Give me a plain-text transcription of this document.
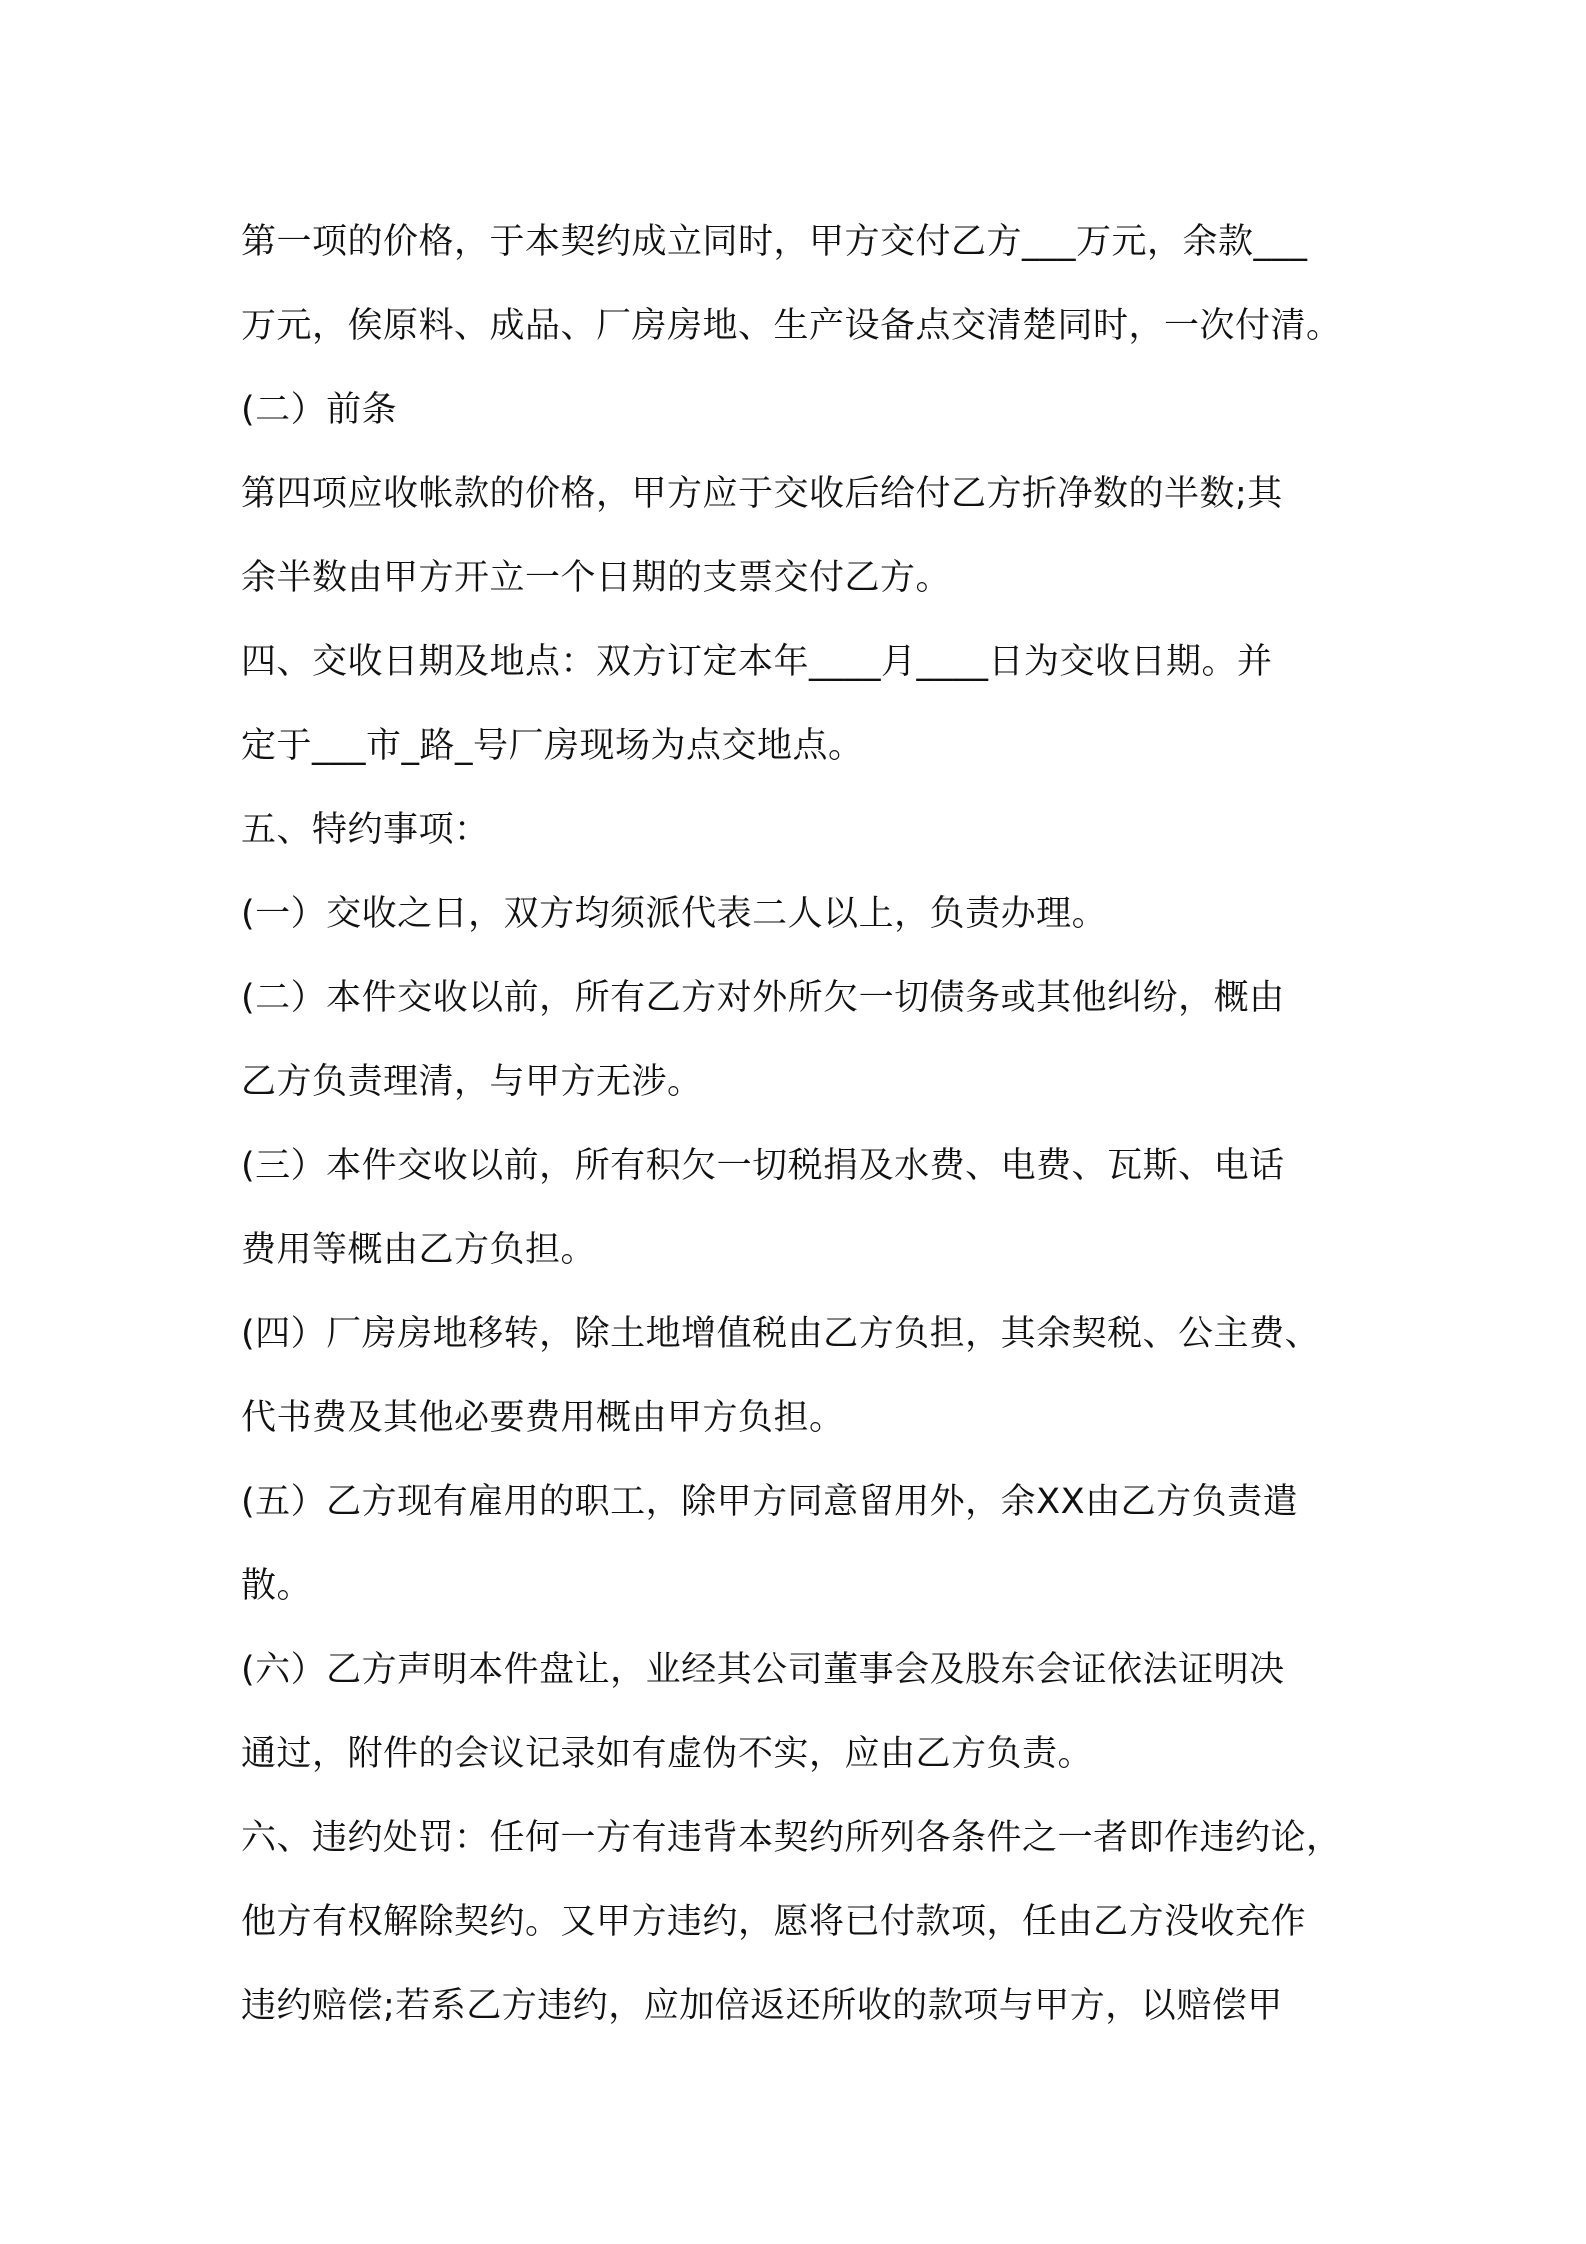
第一项的价格，于本契约成立同时，甲方交付乙方___万元，余款___
万元，俟原料、成品、厂房房地、生产设备点交清楚同时，一次付清。
(二）前条
第四项应收帐款的价格，甲方应于交收后给付乙方折净数的半数;其
余半数由甲方开立一个日期的支票交付乙方。
四、交收日期及地点：双方订定本年____月____日为交收日期。并
定于___市_路_号厂房现场为点交地点。
五、特约事项：
(一）交收之日，双方均须派代表二人以上，负责办理。
(二）本件交收以前，所有乙方对外所欠一切债务或其他纠纷，概由
乙方负责理清，与甲方无涉。
(三）本件交收以前，所有积欠一切税捐及水费、电费、瓦斯、电话
费用等概由乙方负担。
(四）厂房房地移转，除土地增值税由乙方负担，其余契税、公主费、
代书费及其他必要费用概由甲方负担。
(五）乙方现有雇用的职工，除甲方同意留用外，余XX由乙方负责遣
散。
(六）乙方声明本件盘让，业经其公司董事会及股东会证依法证明决
通过，附件的会议记录如有虚伪不实，应由乙方负责。
六、违约处罚：任何一方有违背本契约所列各条件之一者即作违约论，
他方有权解除契约。又甲方违约，愿将已付款项，任由乙方没收充作
违约赔偿;若系乙方违约，应加倍返还所收的款项与甲方，以赔偿甲
